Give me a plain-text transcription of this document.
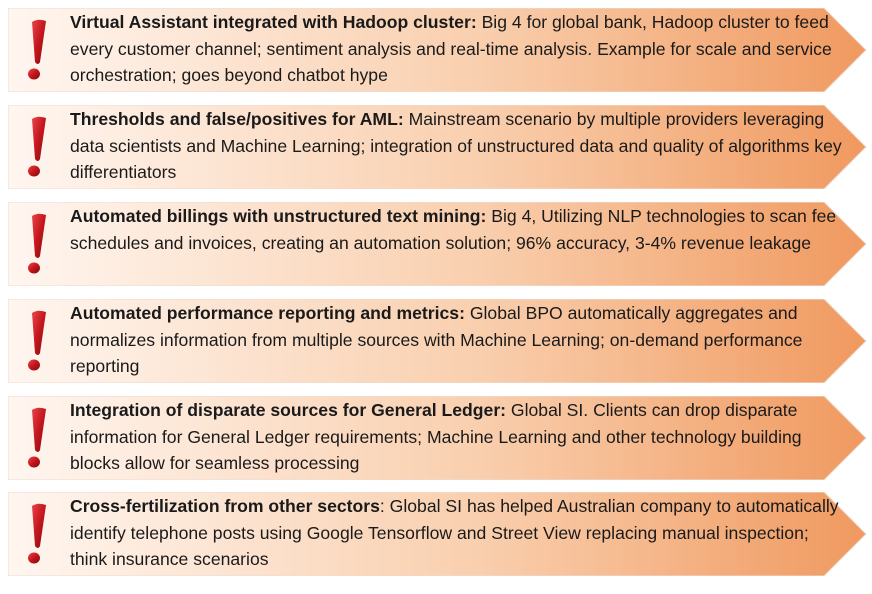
Virtual Assistant integrated with Hadoop cluster: Big 4 for global bank, Hadoop cluster to feed every customer channel; sentiment analysis and real-time analysis. Example for scale and service orchestration; goes beyond chatbot hype
Thresholds and false/positives for AML: Mainstream scenario by multiple providers leveraging data scientists and Machine Learning; integration of unstructured data and quality of algorithms key differentiators
Automated billings with unstructured text mining: Big 4, Utilizing NLP technologies to scan fee schedules and invoices, creating an automation solution; 96% accuracy, 3-4% revenue leakage
Automated performance reporting and metrics: Global BPO automatically aggregates and normalizes information from multiple sources with Machine Learning; on-demand performance reporting
Integration of disparate sources for General Ledger: Global SI. Clients can drop disparate information for General Ledger requirements; Machine Learning and other technology building blocks allow for seamless processing
Cross-fertilization from other sectors: Global SI has helped Australian company to automatically identify telephone posts using Google Tensorflow and Street View replacing manual inspection; think insurance scenarios
